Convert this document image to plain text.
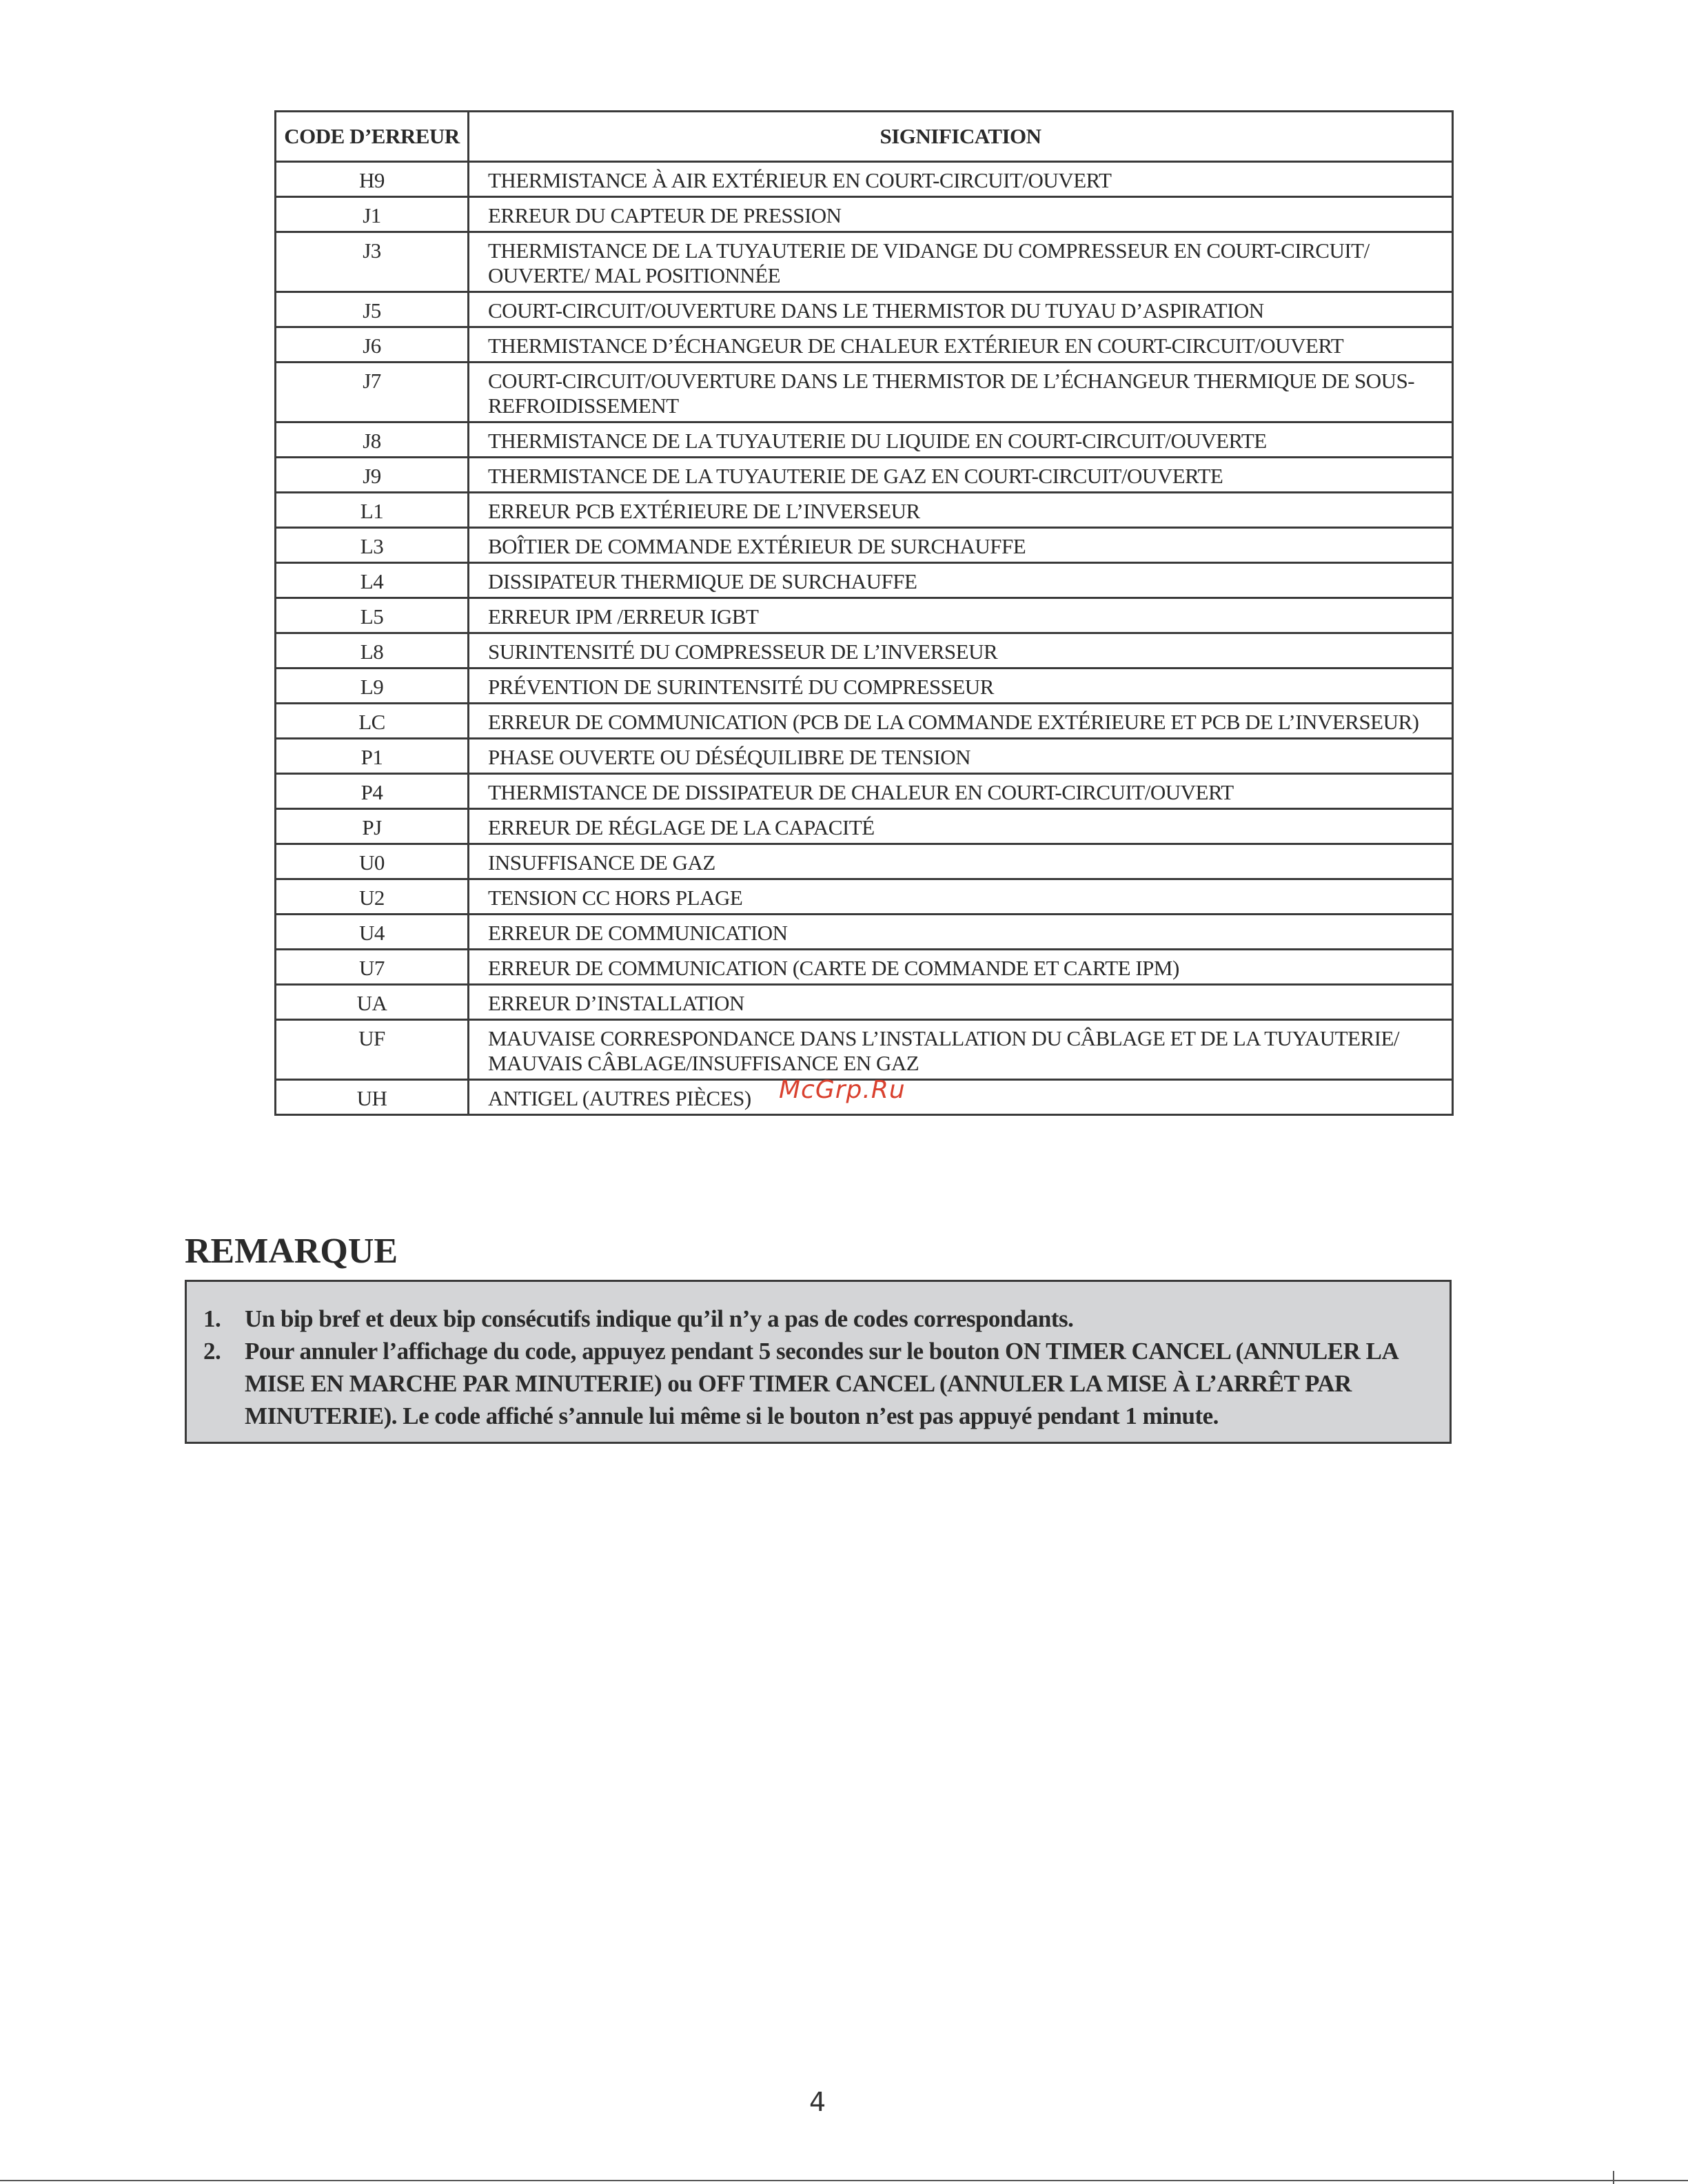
CODE D’ERREUR	SIGNIFICATION
H9	THERMISTANCE À AIR EXTÉRIEUR EN COURT-CIRCUIT/OUVERT
J1	ERREUR DU CAPTEUR DE PRESSION
J3	THERMISTANCE DE LA TUYAUTERIE DE VIDANGE DU COMPRESSEUR EN COURT-CIRCUIT/ OUVERTE/ MAL POSITIONNÉE
J5	COURT-CIRCUIT/OUVERTURE DANS LE THERMISTOR DU TUYAU D’ASPIRATION
J6	THERMISTANCE D’ÉCHANGEUR DE CHALEUR EXTÉRIEUR EN COURT-CIRCUIT/OUVERT
J7	COURT-CIRCUIT/OUVERTURE DANS LE THERMISTOR DE L’ÉCHANGEUR THERMIQUE DE SOUS- REFROIDISSEMENT
J8	THERMISTANCE DE LA TUYAUTERIE DU LIQUIDE EN COURT-CIRCUIT/OUVERTE
J9	THERMISTANCE DE LA TUYAUTERIE DE GAZ EN COURT-CIRCUIT/OUVERTE
L1	ERREUR PCB EXTÉRIEURE DE L’INVERSEUR
L3	BOÎTIER DE COMMANDE EXTÉRIEUR DE SURCHAUFFE
L4	DISSIPATEUR THERMIQUE DE SURCHAUFFE
L5	ERREUR IPM /ERREUR IGBT
L8	SURINTENSITÉ DU COMPRESSEUR DE L’INVERSEUR
L9	PRÉVENTION DE SURINTENSITÉ DU COMPRESSEUR
LC	ERREUR DE COMMUNICATION (PCB DE LA COMMANDE EXTÉRIEURE ET PCB DE L’INVERSEUR)
P1	PHASE OUVERTE OU DÉSÉQUILIBRE DE TENSION
P4	THERMISTANCE DE DISSIPATEUR DE CHALEUR EN COURT-CIRCUIT/OUVERT
PJ	ERREUR DE RÉGLAGE DE LA CAPACITÉ
U0	INSUFFISANCE DE GAZ
U2	TENSION CC HORS PLAGE
U4	ERREUR DE COMMUNICATION
U7	ERREUR DE COMMUNICATION (CARTE DE COMMANDE ET CARTE IPM)
UA	ERREUR D’INSTALLATION
UF	MAUVAISE CORRESPONDANCE DANS L’INSTALLATION DU CÂBLAGE ET DE LA TUYAUTERIE/ MAUVAIS CÂBLAGE/INSUFFISANCE EN GAZ
UH	ANTIGEL (AUTRES PIÈCES) McGrp.Ru
REMARQUE
1. Un bip bref et deux bip consécutifs indique qu’il n’y a pas de codes correspondants.
2. Pour annuler l’affichage du code, appuyez pendant 5 secondes sur le bouton ON TIMER CANCEL (ANNULER LA MISE EN MARCHE PAR MINUTERIE) ou OFF TIMER CANCEL (ANNULER LA MISE À L’ARRÊT PAR MINUTERIE). Le code affiché s’annule lui même si le bouton n’est pas appuyé pendant 1 minute.
4
